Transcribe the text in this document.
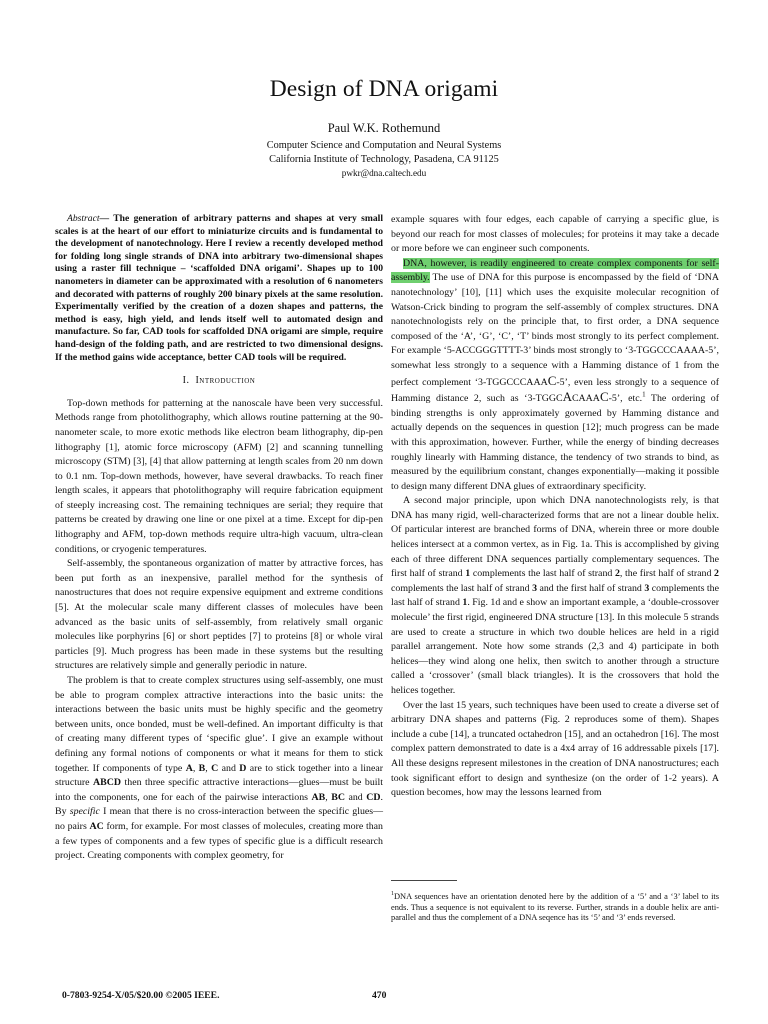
Design of DNA origami
Paul W.K. Rothemund
Computer Science and Computation and Neural Systems
California Institute of Technology, Pasadena, CA 91125
pwkr@dna.caltech.edu

Abstract— The generation of arbitrary patterns and shapes at very small scales is at the heart of our effort to miniaturize circuits and is fundamental to the development of nanotechnology. Here I review a recently developed method for folding long single strands of DNA into arbitrary two-dimensional shapes using a raster fill technique – ‘scaffolded DNA origami’. Shapes up to 100 nanometers in diameter can be approximated with a resolution of 6 nanometers and decorated with patterns of roughly 200 binary pixels at the same resolution. Experimentally verified by the creation of a dozen shapes and patterns, the method is easy, high yield, and lends itself well to automated design and manufacture. So far, CAD tools for scaffolded DNA origami are simple, require hand-design of the folding path, and are restricted to two dimensional designs. If the method gains wide acceptance, better CAD tools will be required.

I. Introduction

Top-down methods for patterning at the nanoscale have been very successful. Methods range from photolithography, which allows routine patterning at the 90-nanometer scale, to more exotic methods like electron beam lithography, dip-pen lithography [1], atomic force microscopy (AFM) [2] and scanning tunnelling microscopy (STM) [3], [4] that allow patterning at length scales from 20 nm down to 0.1 nm. Top-down methods, however, have several drawbacks. To reach finer length scales, it appears that photolithography will require fabrication equipment of steeply increasing cost. The remaining techniques are serial; they require that patterns be created by drawing one line or one pixel at a time. Except for dip-pen lithography and AFM, top-down methods require ultra-high vacuum, ultra-clean conditions, or cryogenic temperatures.

Self-assembly, the spontaneous organization of matter by attractive forces, has been put forth as an inexpensive, parallel method for the synthesis of nanostructures that does not require expensive equipment and extreme conditions [5]. At the molecular scale many different classes of molecules have been advanced as the basic units of self-assembly, from relatively small organic molecules like porphyrins [6] or short peptides [7] to proteins [8] or whole viral particles [9]. Much progress has been made in these systems but the resulting structures are relatively simple and generally periodic in nature.

The problem is that to create complex structures using self-assembly, one must be able to program complex attractive interactions into the basic units: the interactions between the basic units must be highly specific and the geometry between units, once bonded, must be well-defined. An important difficulty is that of creating many different types of ‘specific glue’. I give an example without defining any formal notions of components or what it means for them to stick together. If components of type A, B, C and D are to stick together into a linear structure ABCD then three specific attractive interactions—glues—must be built into the components, one for each of the pairwise interactions AB, BC and CD. By specific I mean that there is no cross-interaction between the specific glues—no pairs AC form, for example. For most classes of molecules, creating more than a few types of components and a few types of specific glue is a difficult research project. Creating components with complex geometry, for

example squares with four edges, each capable of carrying a specific glue, is beyond our reach for most classes of molecules; for proteins it may take a decade or more before we can engineer such components.

DNA, however, is readily engineered to create complex components for self-assembly. The use of DNA for this purpose is encompassed by the field of ‘DNA nanotechnology’ [10], [11] which uses the exquisite molecular recognition of Watson-Crick binding to program the self-assembly of complex structures. DNA nanotechnologists rely on the principle that, to first order, a DNA sequence composed of the ‘A’, ‘G’, ‘C’, ‘T’ binds most strongly to its perfect complement. For example ‘5-ACCGGGTTTT-3’ binds most strongly to ‘3-TGGCCCAAAA-5’, somewhat less strongly to a sequence with a Hamming distance of 1 from the perfect complement ‘3-TGGCCCAAAC-5’, even less strongly to a sequence of Hamming distance 2, such as ‘3-TGGCACAAAC-5’, etc.$^1$ The ordering of binding strengths is only approximately governed by Hamming distance and actually depends on the sequences in question [12]; much progress can be made with this approximation, however. Further, while the energy of binding decreases roughly linearly with Hamming distance, the tendency of two strands to bind, as measured by the equilibrium constant, changes exponentially—making it possible to design many different DNA glues of extraordinary specificity.

A second major principle, upon which DNA nanotechnologists rely, is that DNA has many rigid, well-characterized forms that are not a linear double helix. Of particular interest are branched forms of DNA, wherein three or more double helices intersect at a common vertex, as in Fig. 1a. This is accomplished by giving each of three different DNA sequences partially complementary sequences. The first half of strand 1 complements the last half of strand 2, the first half of strand 2 complements the last half of strand 3 and the first half of strand 3 complements the last half of strand 1. Fig. 1d and e show an important example, a ‘double-crossover molecule’ the first rigid, engineered DNA structure [13]. In this molecule 5 strands are used to create a structure in which two double helices are held in a rigid parallel arrangement. Note how some strands (2,3 and 4) participate in both helices—they wind along one helix, then switch to another through a structure called a ‘crossover’ (small black triangles). It is the crossovers that hold the helices together.

Over the last 15 years, such techniques have been used to create a diverse set of arbitrary DNA shapes and patterns (Fig. 2 reproduces some of them). Shapes include a cube [14], a truncated octahedron [15], and an octahedron [16]. The most complex pattern demonstrated to date is a 4x4 array of 16 addressable pixels [17]. All these designs represent milestones in the creation of DNA nanostructures; each took significant effort to design and synthesize (on the order of 1-2 years). A question becomes, how may the lessons learned from

$^1$DNA sequences have an orientation denoted here by the addition of a ‘5’ and a ‘3’ label to its ends. Thus a sequence is not equivalent to its reverse. Further, strands in a double helix are anti-parallel and thus the complement of a DNA seqence has its ‘5’ and ‘3’ ends reversed.
0-7803-9254-X/05/$20.00 ©2005 IEEE.	470
